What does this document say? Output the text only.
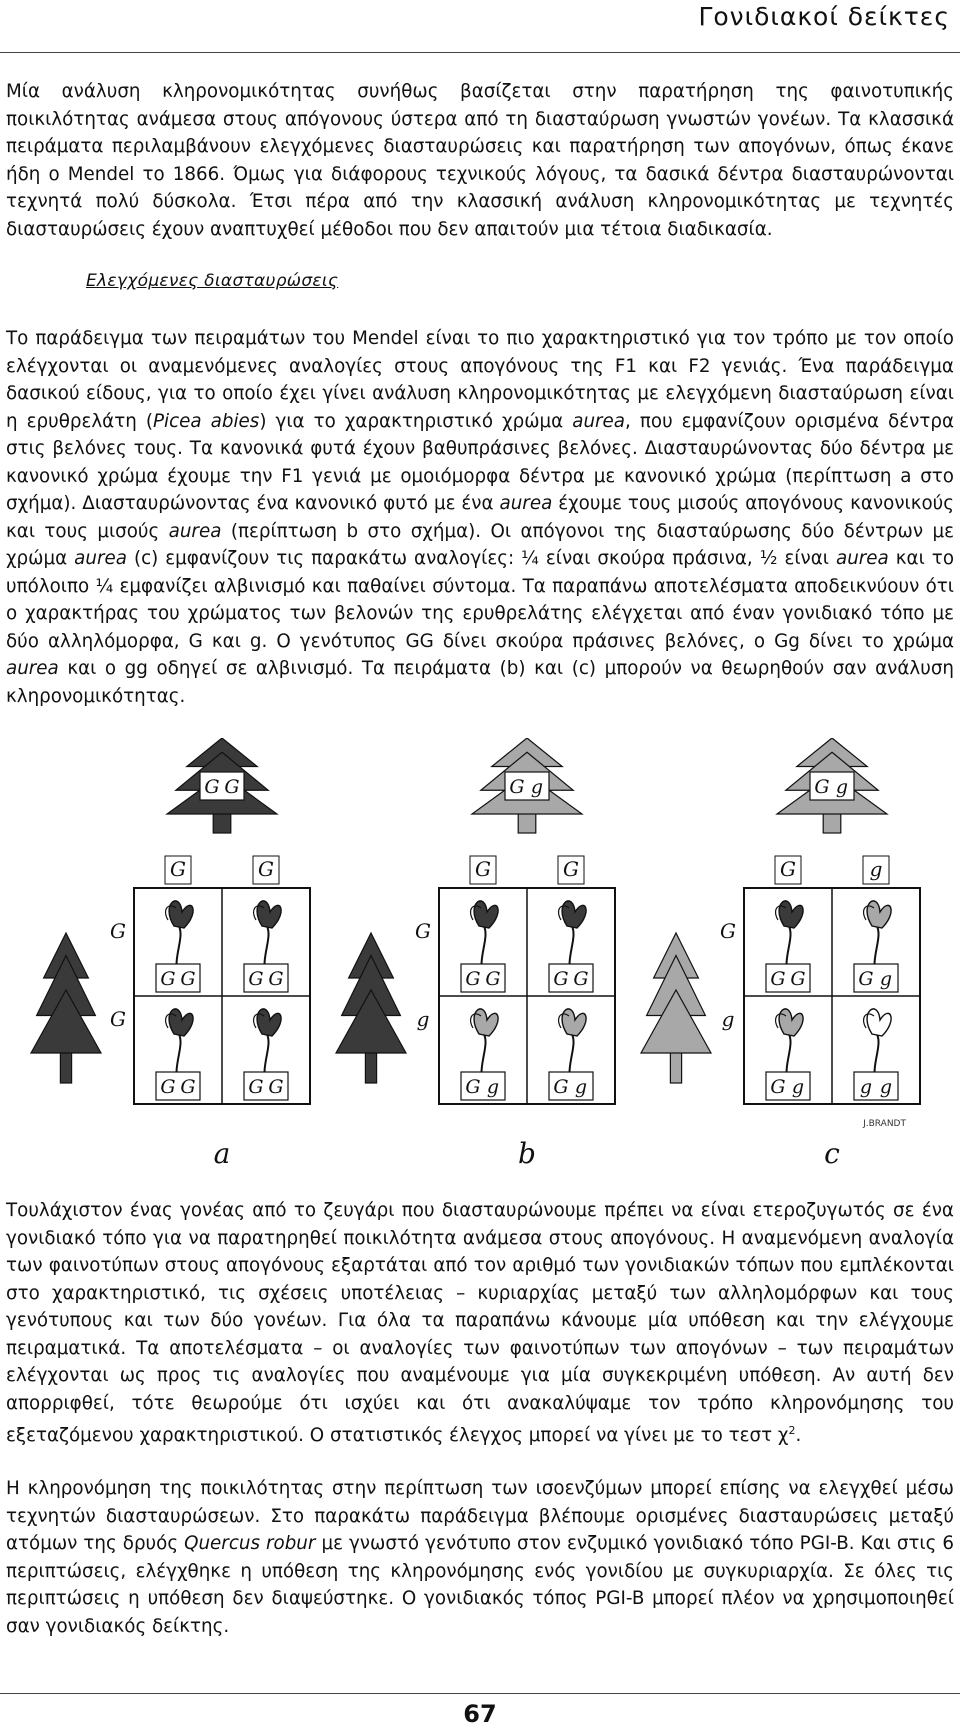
Γονιδιακοί δείκτες
Μία ανάλυση κληρονομικότητας συνήθως βασίζεται στην παρατήρηση της φαινοτυπικής ποικιλότητας ανάμεσα στους απόγονους ύστερα από τη διασταύρωση γνωστών γονέων. Τα κλασσικά πειράματα περιλαμβάνουν ελεγχόμενες διασταυρώσεις και παρατήρηση των απογόνων, όπως έκανε ήδη ο Mendel το 1866. Όμως για διάφορους τεχνικούς λόγους, τα δασικά δέντρα διασταυρώνονται τεχνητά πολύ δύσκολα. Έτσι πέρα από την κλασσική ανάλυση κληρονομικότητας με τεχνητές διασταυρώσεις έχουν αναπτυχθεί μέθοδοι που δεν απαιτούν μια τέτοια διαδικασία.
Ελεγχόμενες διασταυρώσεις
Το παράδειγμα των πειραμάτων του Mendel είναι το πιο χαρακτηριστικό για τον τρόπο με τον οποίο ελέγχονται οι αναμενόμενες αναλογίες στους απογόνους της F1 και F2 γενιάς. Ένα παράδειγμα δασικού είδους, για το οποίο έχει γίνει ανάλυση κληρονομικότητας με ελεγχόμενη διασταύρωση είναι η ερυθρελάτη (Picea abies) για το χαρακτηριστικό χρώμα aurea, που εμφανίζουν ορισμένα δέντρα στις βελόνες τους. Τα κανονικά φυτά έχουν βαθυπράσινες βελόνες. Διασταυρώνοντας δύο δέντρα με κανονικό χρώμα έχουμε την F1 γενιά με ομοιόμορφα δέντρα με κανονικό χρώμα (περίπτωση a στο σχήμα). Διασταυρώνοντας ένα κανονικό φυτό με ένα aurea έχουμε τους μισούς απογόνους κανονικούς και τους μισούς aurea (περίπτωση b στο σχήμα). Οι απόγονοι της διασταύρωσης δύο δέντρων με χρώμα aurea (c) εμφανίζουν τις παρακάτω αναλογίες: ¼ είναι σκούρα πράσινα, ½ είναι aurea και το υπόλοιπο ¼ εμφανίζει αλβινισμό και παθαίνει σύντομα. Τα παραπάνω αποτελέσματα αποδεικνύουν ότι ο χαρακτήρας του χρώματος των βελονών της ερυθρελάτης ελέγχεται από έναν γονιδιακό τόπο με δύο αλληλόμορφα, G και g. Ο γενότυπος GG δίνει σκούρα πράσινες βελόνες, ο Gg δίνει το χρώμα aurea και ο gg οδηγεί σε αλβινισμό. Τα πειράματα (b) και (c) μπορούν να θεωρηθούν σαν ανάλυση κληρονομικότητας.
G G
G	G
G
G
G G	G G
G G	G G
a
G g
G	G
G
g
G G	G G
G g	G g
b
G g
G	g
G
g
G G	G g
G g	g g
c
J.BRANDT
Τουλάχιστον ένας γονέας από το ζευγάρι που διασταυρώνουμε πρέπει να είναι ετεροζυγωτός σε ένα γονιδιακό τόπο για να παρατηρηθεί ποικιλότητα ανάμεσα στους απογόνους. Η αναμενόμενη αναλογία των φαινοτύπων στους απογόνους εξαρτάται από τον αριθμό των γονιδιακών τόπων που εμπλέκονται στο χαρακτηριστικό, τις σχέσεις υποτέλειας – κυριαρχίας μεταξύ των αλληλομόρφων και τους γενότυπους και των δύο γονέων. Για όλα τα παραπάνω κάνουμε μία υπόθεση και την ελέγχουμε πειραματικά. Τα αποτελέσματα – οι αναλογίες των φαινοτύπων των απογόνων – των πειραμάτων ελέγχονται ως προς τις αναλογίες που αναμένουμε για μία συγκεκριμένη υπόθεση. Αν αυτή δεν απορριφθεί, τότε θεωρούμε ότι ισχύει και ότι ανακαλύψαμε τον τρόπο κληρονόμησης του εξεταζόμενου χαρακτηριστικού. Ο στατιστικός έλεγχος μπορεί να γίνει με το τεστ $\chi^2$.
Η κληρονόμηση της ποικιλότητας στην περίπτωση των ισοενζύμων μπορεί επίσης να ελεγχθεί μέσω τεχνητών διασταυρώσεων. Στο παρακάτω παράδειγμα βλέπουμε ορισμένες διασταυρώσεις μεταξύ ατόμων της δρυός Quercus robur με γνωστό γενότυπο στον ενζυμικό γονιδιακό τόπο PGI-B. Και στις 6 περιπτώσεις, ελέγχθηκε η υπόθεση της κληρονόμησης ενός γονιδίου με συγκυριαρχία. Σε όλες τις περιπτώσεις η υπόθεση δεν διαψεύστηκε. Ο γονιδιακός τόπος PGI-B μπορεί πλέον να χρησιμοποιηθεί σαν γονιδιακός δείκτης.
67
